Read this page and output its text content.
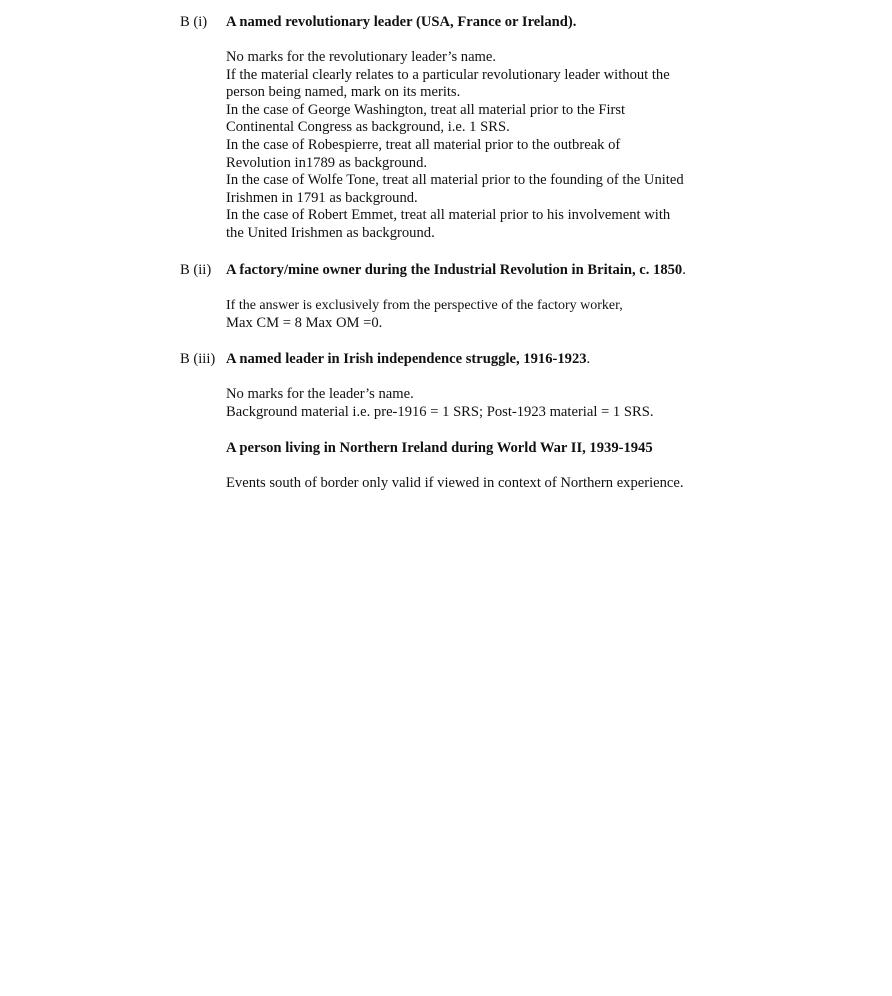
B (i)	A named revolutionary leader (USA, France or Ireland).
No marks for the revolutionary leader’s name.
If the material clearly relates to a particular revolutionary leader without the
person being named, mark on its merits.
In the case of George Washington, treat all material prior to the First
Continental Congress as background, i.e. 1 SRS.
In the case of Robespierre, treat all material prior to the outbreak of
Revolution in1789 as background.
In the case of Wolfe Tone, treat all material prior to the founding of the United
Irishmen in 1791 as background.
In the case of Robert Emmet, treat all material prior to his involvement with
the United Irishmen as background.
B (ii)	A factory/mine owner during the Industrial Revolution in Britain, c. 1850.
If the answer is exclusively from the perspective of the factory worker,
Max CM = 8 Max OM =0.
B (iii) A named leader in Irish independence struggle, 1916-1923.
No marks for the leader’s name.
Background material i.e. pre-1916 = 1 SRS; Post-1923 material = 1 SRS.
A person living in Northern Ireland during World War II, 1939-1945
Events south of border only valid if viewed in context of Northern experience.
